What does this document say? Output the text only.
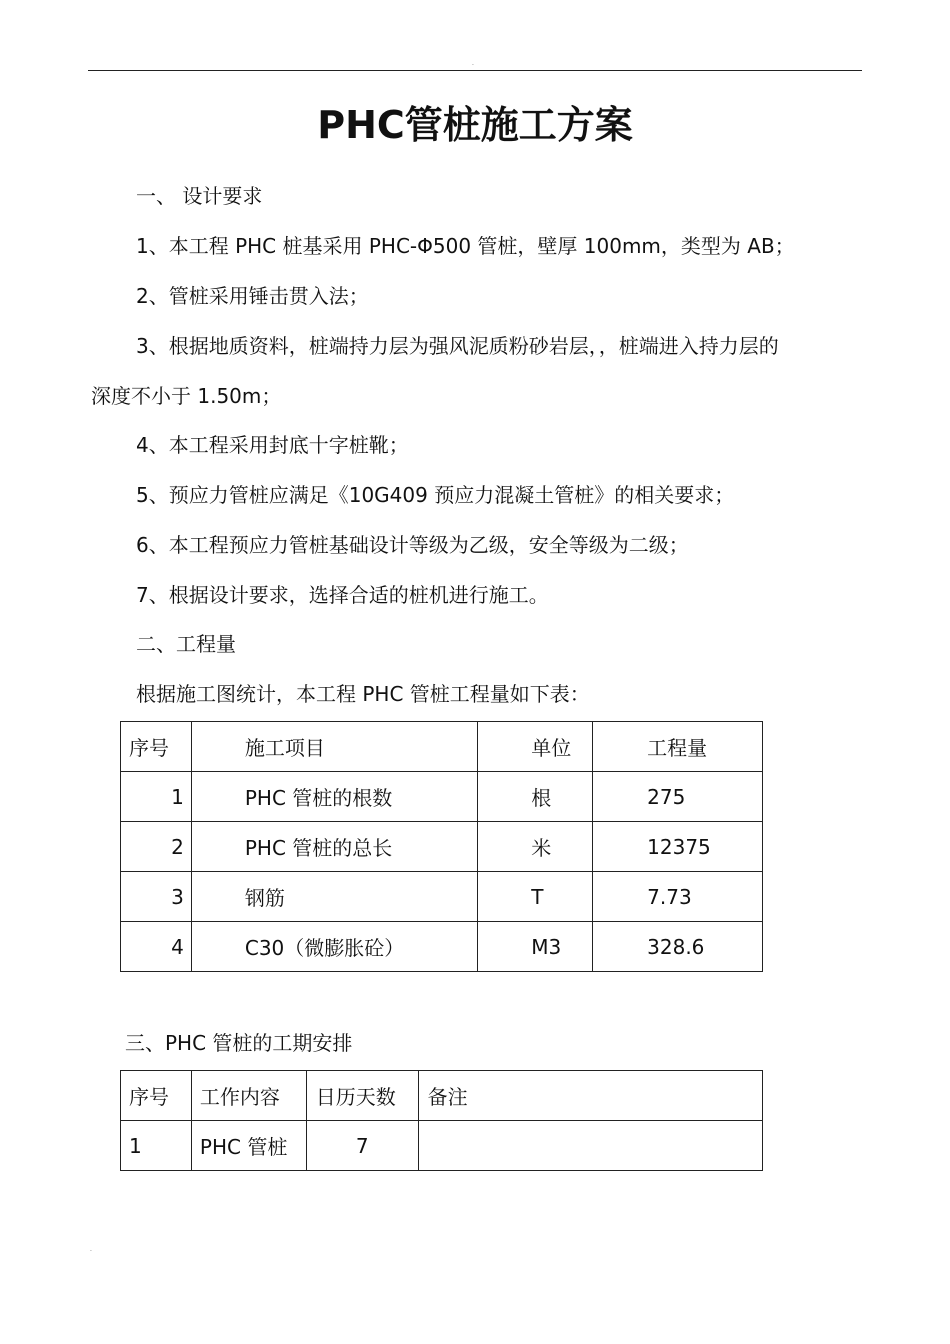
.
PHC管桩施工方案
一、 设计要求
1、本工程 PHC 桩基采用 PHC-Φ500 管桩，壁厚 100mm，类型为 AB；
2、管桩采用锤击贯入法；
3、根据地质资料，桩端持力层为强风泥质粉砂岩层，，桩端进入持力层的
深度不小于 1.50m；
4、本工程采用封底十字桩靴；
5、预应力管桩应满足《10G409 预应力混凝土管桩》的相关要求；
6、本工程预应力管桩基础设计等级为乙级，安全等级为二级；
7、根据设计要求，选择合适的桩机进行施工。
二、工程量
根据施工图统计，本工程 PHC 管桩工程量如下表：
序号	施工项目	单位	工程量
1	PHC 管桩的根数	根	275
2	PHC 管桩的总长	米	12375
3	钢筋	T	7.73
4	C30（微膨胀砼）	M3	328.6
三、PHC 管桩的工期安排
序号	工作内容	日历天数	备注
1	PHC 管桩	7	
.
